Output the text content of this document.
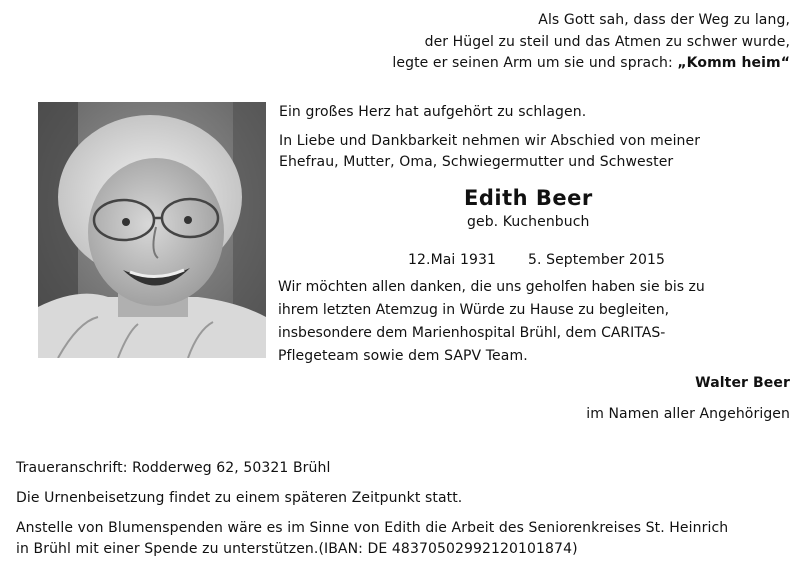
Als Gott sah, dass der Weg zu lang,
der Hügel zu steil und das Atmen zu schwer wurde,
legte er seinen Arm um sie und sprach: „Komm heim“
Ein großes Herz hat aufgehört zu schlagen.
In Liebe und Dankbarkeit nehmen wir Abschied von meiner
Ehefrau, Mutter, Oma, Schwiegermutter und Schwester
Edith Beer
geb. Kuchenbuch
12.Mai 1931 5. September 2015
Wir möchten allen danken, die uns geholfen haben sie bis zu
ihrem letzten Atemzug in Würde zu Hause zu begleiten,
insbesondere dem Marienhospital Brühl, dem CARITAS-
Pflegeteam sowie dem SAPV Team.
Walter Beer
im Namen aller Angehörigen
Traueranschrift: Rodderweg 62, 50321 Brühl
Die Urnenbeisetzung findet zu einem späteren Zeitpunkt statt.
Anstelle von Blumenspenden wäre es im Sinne von Edith die Arbeit des Seniorenkreises St. Heinrich
in Brühl mit einer Spende zu unterstützen.(IBAN: DE 48370502992120101874)
